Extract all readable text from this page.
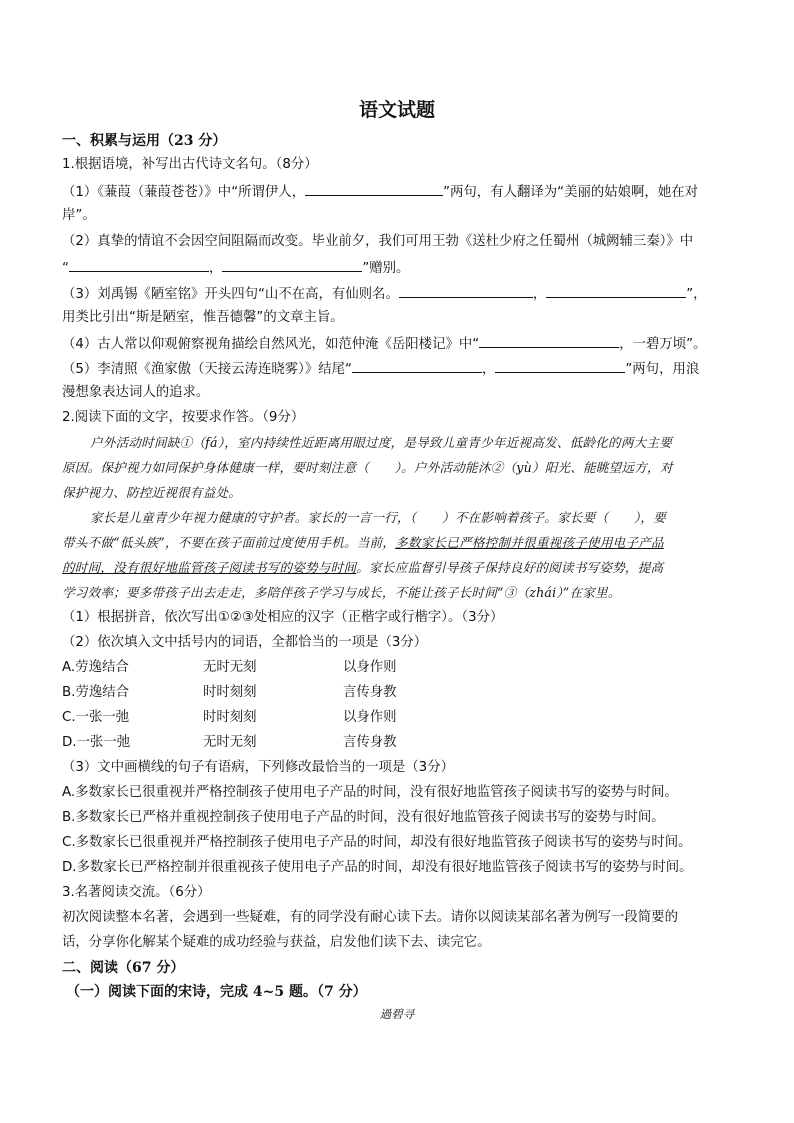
语文试题
一、积累与运用（23 分）
1.根据语境，补写出古代诗文名句。（8分）
（1）《蒹葭（蒹葭苍苍）》中“所谓伊人，	”两句，有人翻译为“美丽的姑娘啊，她在对
岸”。
（2）真挚的情谊不会因空间阻隔而改变。毕业前夕，我们可用王勃《送杜少府之任蜀州（城阙辅三秦）》中
“	，	”赠别。
（3）刘禹锡《陋室铭》开头四句“山不在高，有仙则名。	，	”，
用类比引出“斯是陋室，惟吾德馨”的文章主旨。
（4）古人常以仰观俯察视角描绘自然风光，如范仲淹《岳阳楼记》中“	，一碧万顷”。
（5）李清照《渔家傲（天接云涛连晓雾）》结尾“	，	”两句，用浪
漫想象表达词人的追求。
2.阅读下面的文字，按要求作答。（9分）
户外活动时间缺①（fá），室内持续性近距离用眼过度，是导致儿童青少年近视高发、低龄化的两大主要
原因。保护视力如同保护身体健康一样，要时刻注意（　　）。户外活动能沐②（yù）阳光、能眺望远方，对
保护视力、防控近视很有益处。
家长是儿童青少年视力健康的守护者。家长的一言一行，（　　）不在影响着孩子。家长要（　　），要
带头不做“低头族”，不要在孩子面前过度使用手机。当前，多数家长已严格控制并很重视孩子使用电子产品
的时间，没有很好地监管孩子阅读书写的姿势与时间。家长应监督引导孩子保持良好的阅读书写姿势，提高
学习效率；要多带孩子出去走走，多陪伴孩子学习与成长，不能让孩子长时间“③（zhái）”在家里。
（1）根据拼音，依次写出①②③处相应的汉字（正楷字或行楷字）。（3分）
（2）依次填入文中括号内的词语，全都恰当的一项是（3分）
A.劳逸结合	无时无刻	以身作则
B.劳逸结合	时时刻刻	言传身教
C.一张一弛	时时刻刻	以身作则
D.一张一弛	无时无刻	言传身教
（3）文中画横线的句子有语病，下列修改最恰当的一项是（3分）
A.多数家长已很重视并严格控制孩子使用电子产品的时间，没有很好地监管孩子阅读书写的姿势与时间。
B.多数家长已严格并重视控制孩子使用电子产品的时间，没有很好地监管孩子阅读书写的姿势与时间。
C.多数家长已很重视并严格控制孩子使用电子产品的时间，却没有很好地监管孩子阅读书写的姿势与时间。
D.多数家长已严格控制并很重视孩子使用电子产品的时间，却没有很好地监管孩子阅读书写的姿势与时间。
3.名著阅读交流。（6分）
初次阅读整本名著，会遇到一些疑难，有的同学没有耐心读下去。请你以阅读某部名著为例写一段简要的
话，分享你化解某个疑难的成功经验与获益，启发他们读下去、读完它。
二、阅读（67 分）
（一）阅读下面的宋诗，完成 4~5 题。（7 分）
過碧寻
